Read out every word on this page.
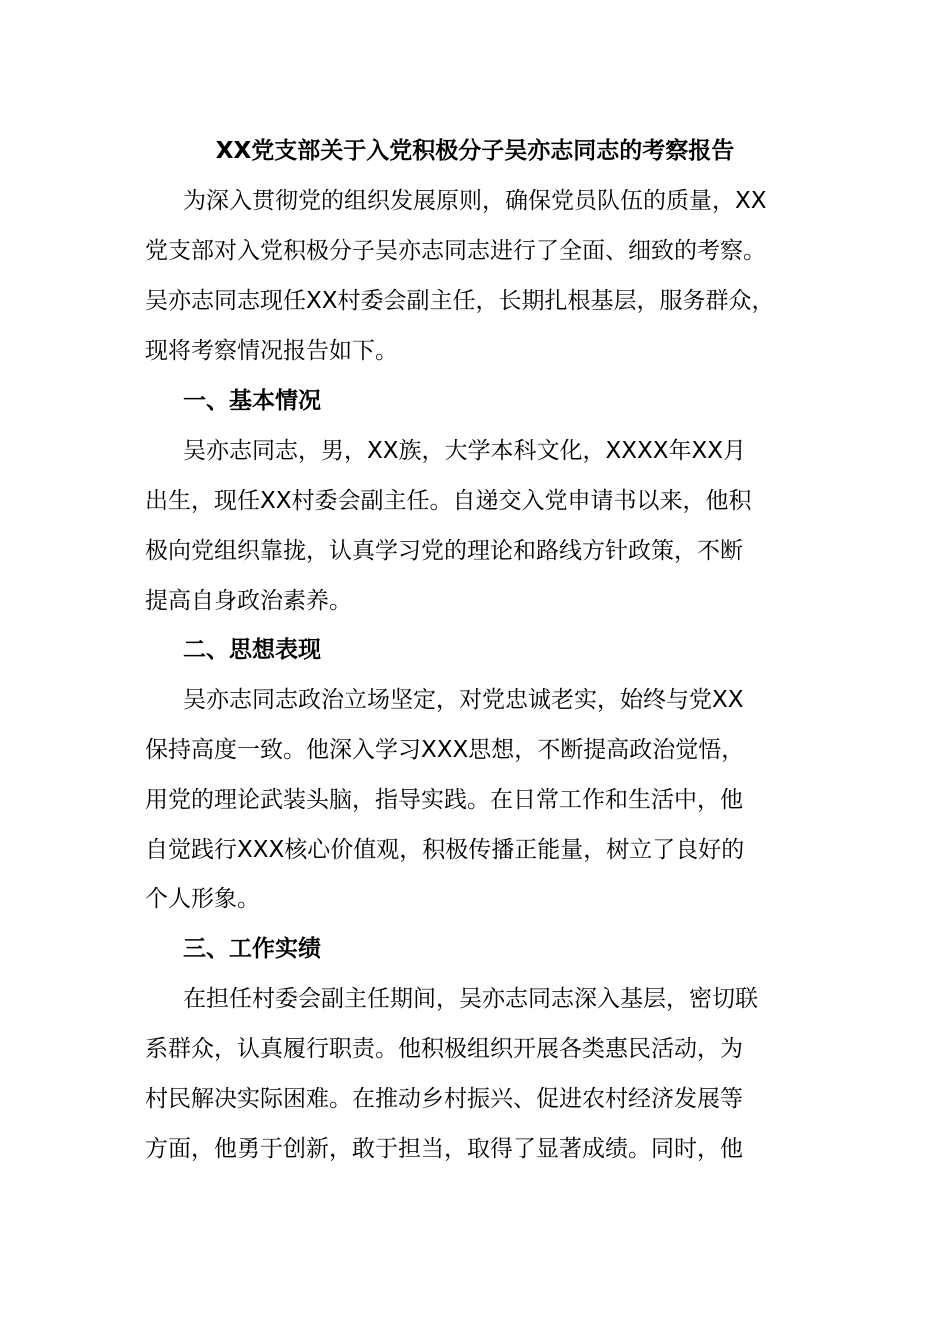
XX党支部关于入党积极分子吴亦志同志的考察报告
为深入贯彻党的组织发展原则，确保党员队伍的质量，XX
党支部对入党积极分子吴亦志同志进行了全面、细致的考察。
吴亦志同志现任XX村委会副主任，长期扎根基层，服务群众，
现将考察情况报告如下。
一、基本情况
吴亦志同志，男，XX族，大学本科文化，XXXX年XX月
出生，现任XX村委会副主任。自递交入党申请书以来，他积
极向党组织靠拢，认真学习党的理论和路线方针政策，不断
提高自身政治素养。
二、思想表现
吴亦志同志政治立场坚定，对党忠诚老实，始终与党XX
保持高度一致。他深入学习XXX思想，不断提高政治觉悟，
用党的理论武装头脑，指导实践。在日常工作和生活中，他
自觉践行XXX核心价值观，积极传播正能量，树立了良好的
个人形象。
三、工作实绩
在担任村委会副主任期间，吴亦志同志深入基层，密切联
系群众，认真履行职责。他积极组织开展各类惠民活动，为
村民解决实际困难。在推动乡村振兴、促进农村经济发展等
方面，他勇于创新，敢于担当，取得了显著成绩。同时，他
